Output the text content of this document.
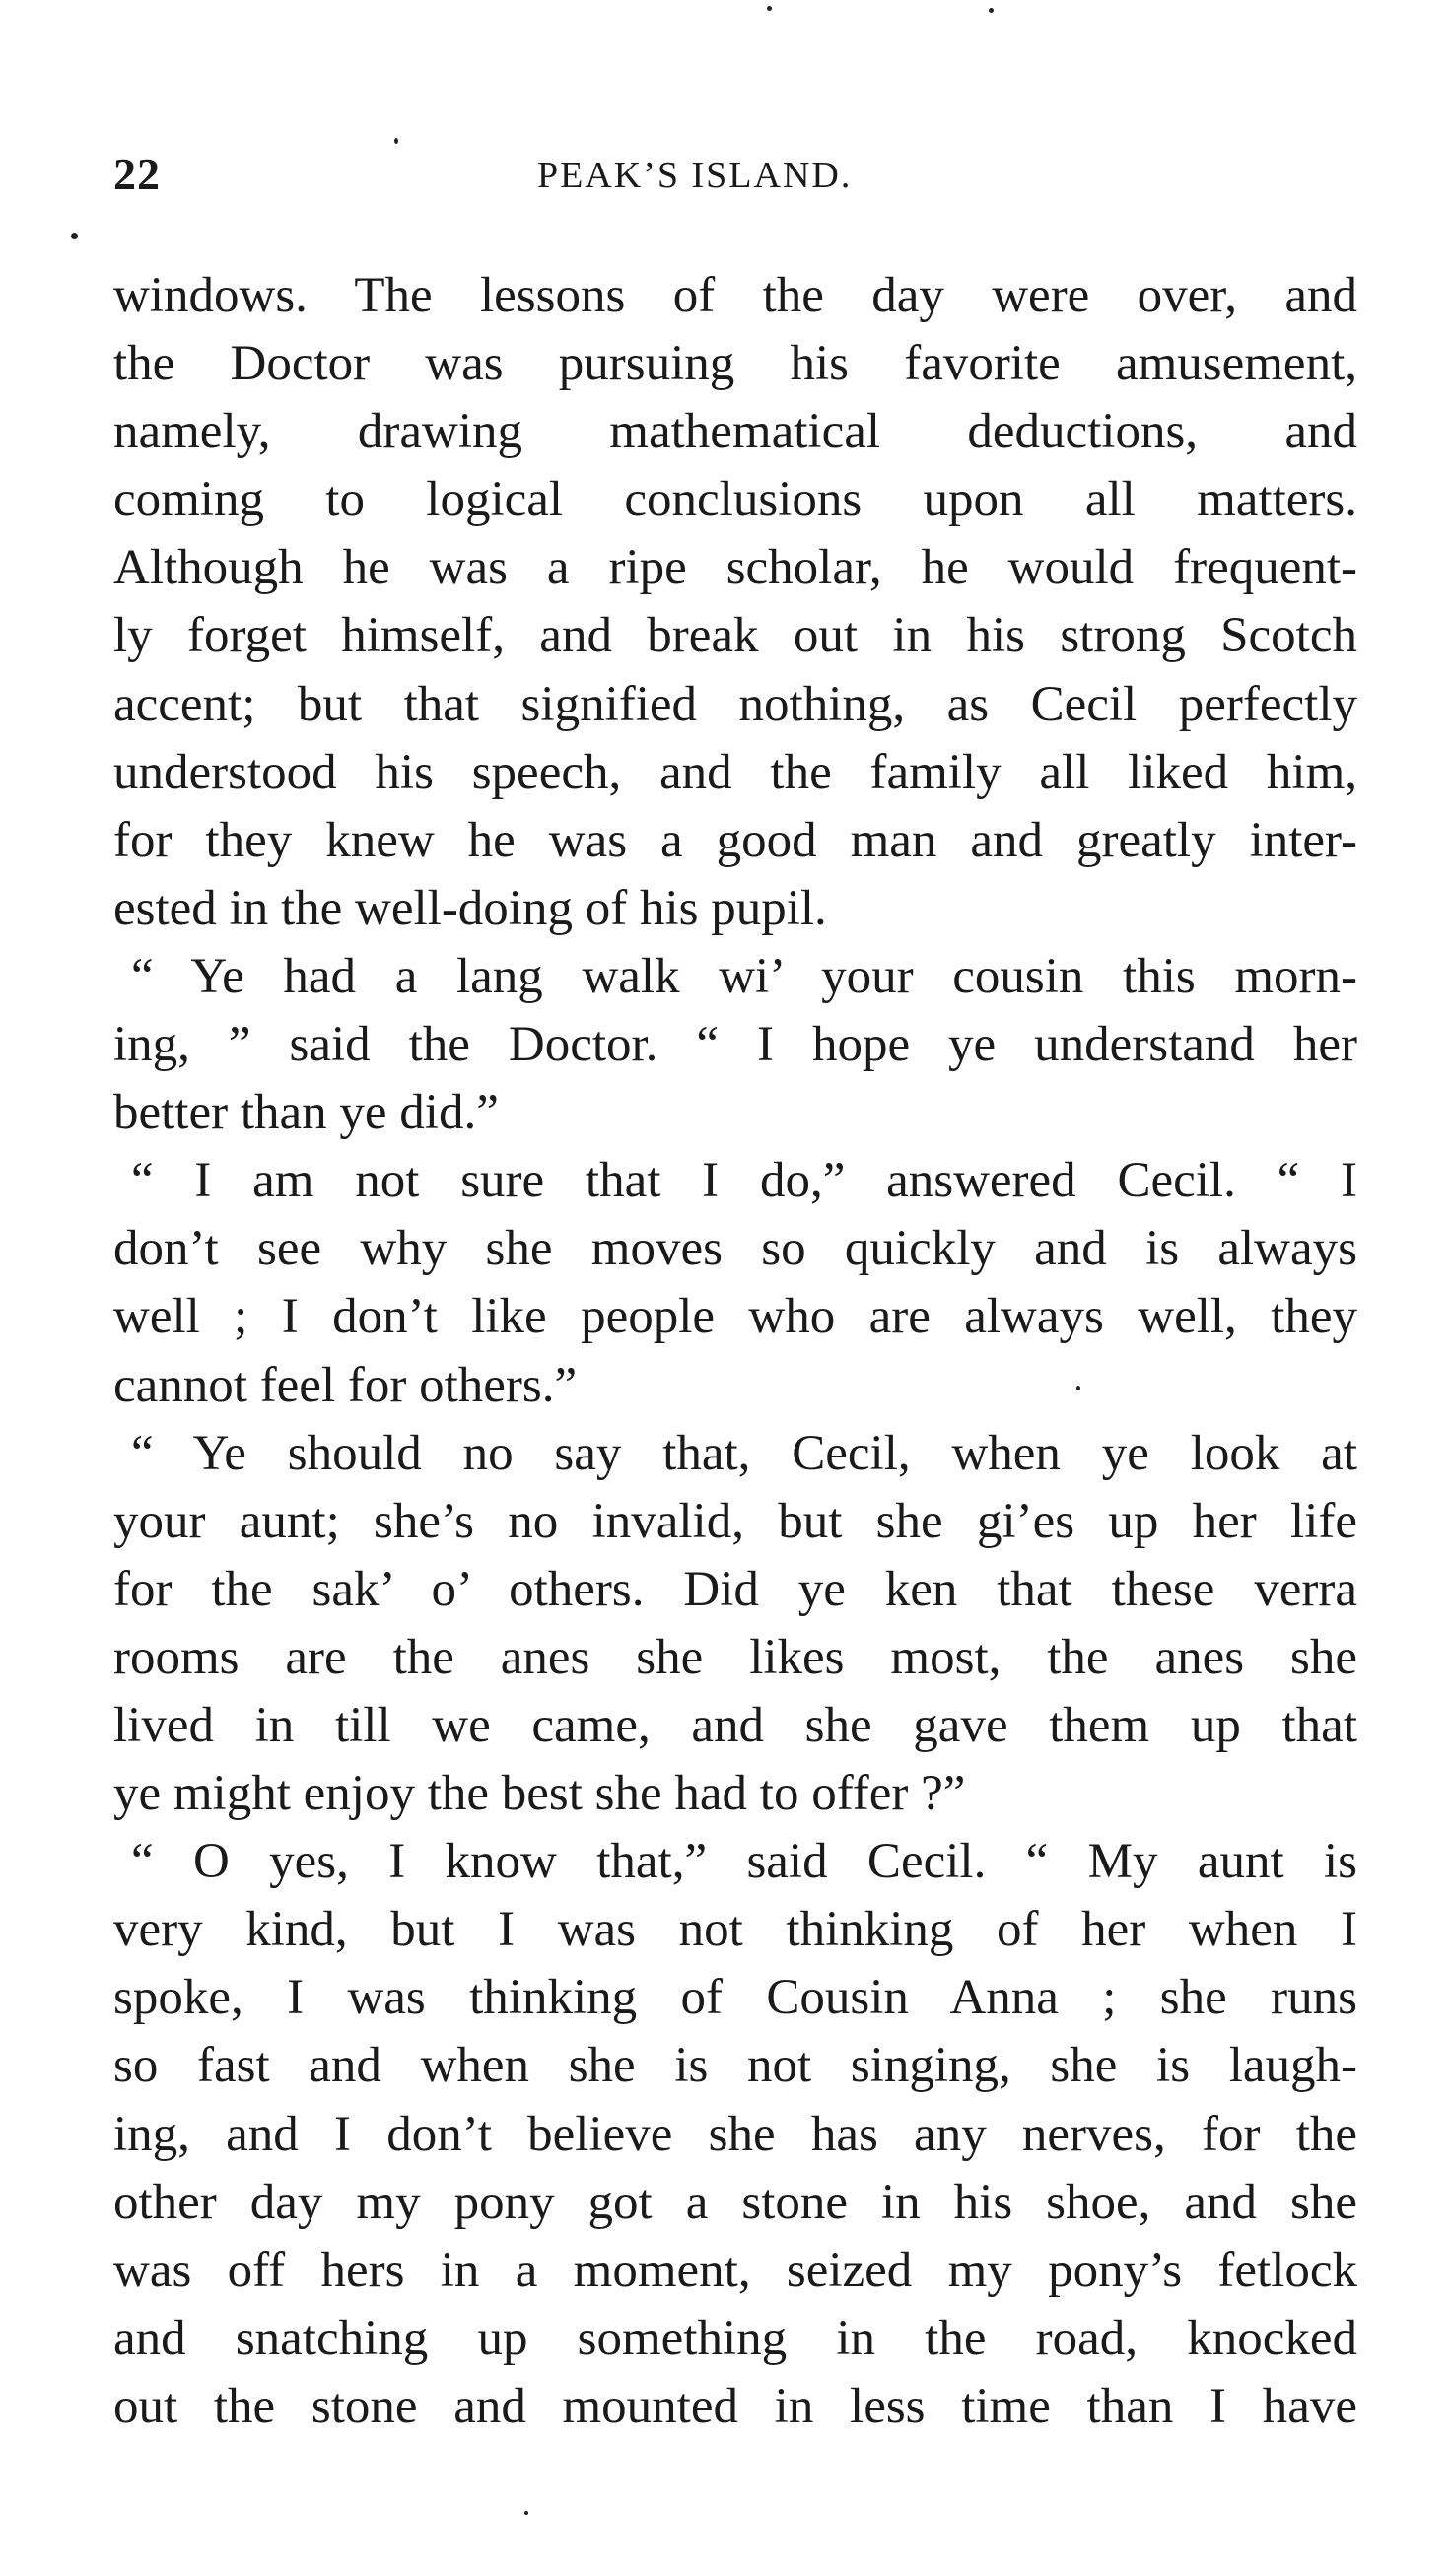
22	PEAK’S ISLAND.
windows. The lessons of the day were over, and
the Doctor was pursuing his favorite amusement,
namely, drawing mathematical deductions, and
coming to logical conclusions upon all matters.
Although he was a ripe scholar, he would frequent-
ly forget himself, and break out in his strong Scotch
accent; but that signified nothing, as Cecil perfectly
understood his speech, and the family all liked him,
for they knew he was a good man and greatly inter-
ested in the well-doing of his pupil.
“ Ye had a lang walk wi’ your cousin this morn-
ing, ” said the Doctor. “ I hope ye understand her
better than ye did.”
“ I am not sure that I do,” answered Cecil. “ I
don’t see why she moves so quickly and is always
well ; I don’t like people who are always well, they
cannot feel for others.”
“ Ye should no say that, Cecil, when ye look at
your aunt; she’s no invalid, but she gi’es up her life
for the sak’ o’ others. Did ye ken that these verra
rooms are the anes she likes most, the anes she
lived in till we came, and she gave them up that
ye might enjoy the best she had to offer ?”
“ O yes, I know that,” said Cecil. “ My aunt is
very kind, but I was not thinking of her when I
spoke, I was thinking of Cousin Anna ; she runs
so fast and when she is not singing, she is laugh-
ing, and I don’t believe she has any nerves, for the
other day my pony got a stone in his shoe, and she
was off hers in a moment, seized my pony’s fetlock
and snatching up something in the road, knocked
out the stone and mounted in less time than I have
